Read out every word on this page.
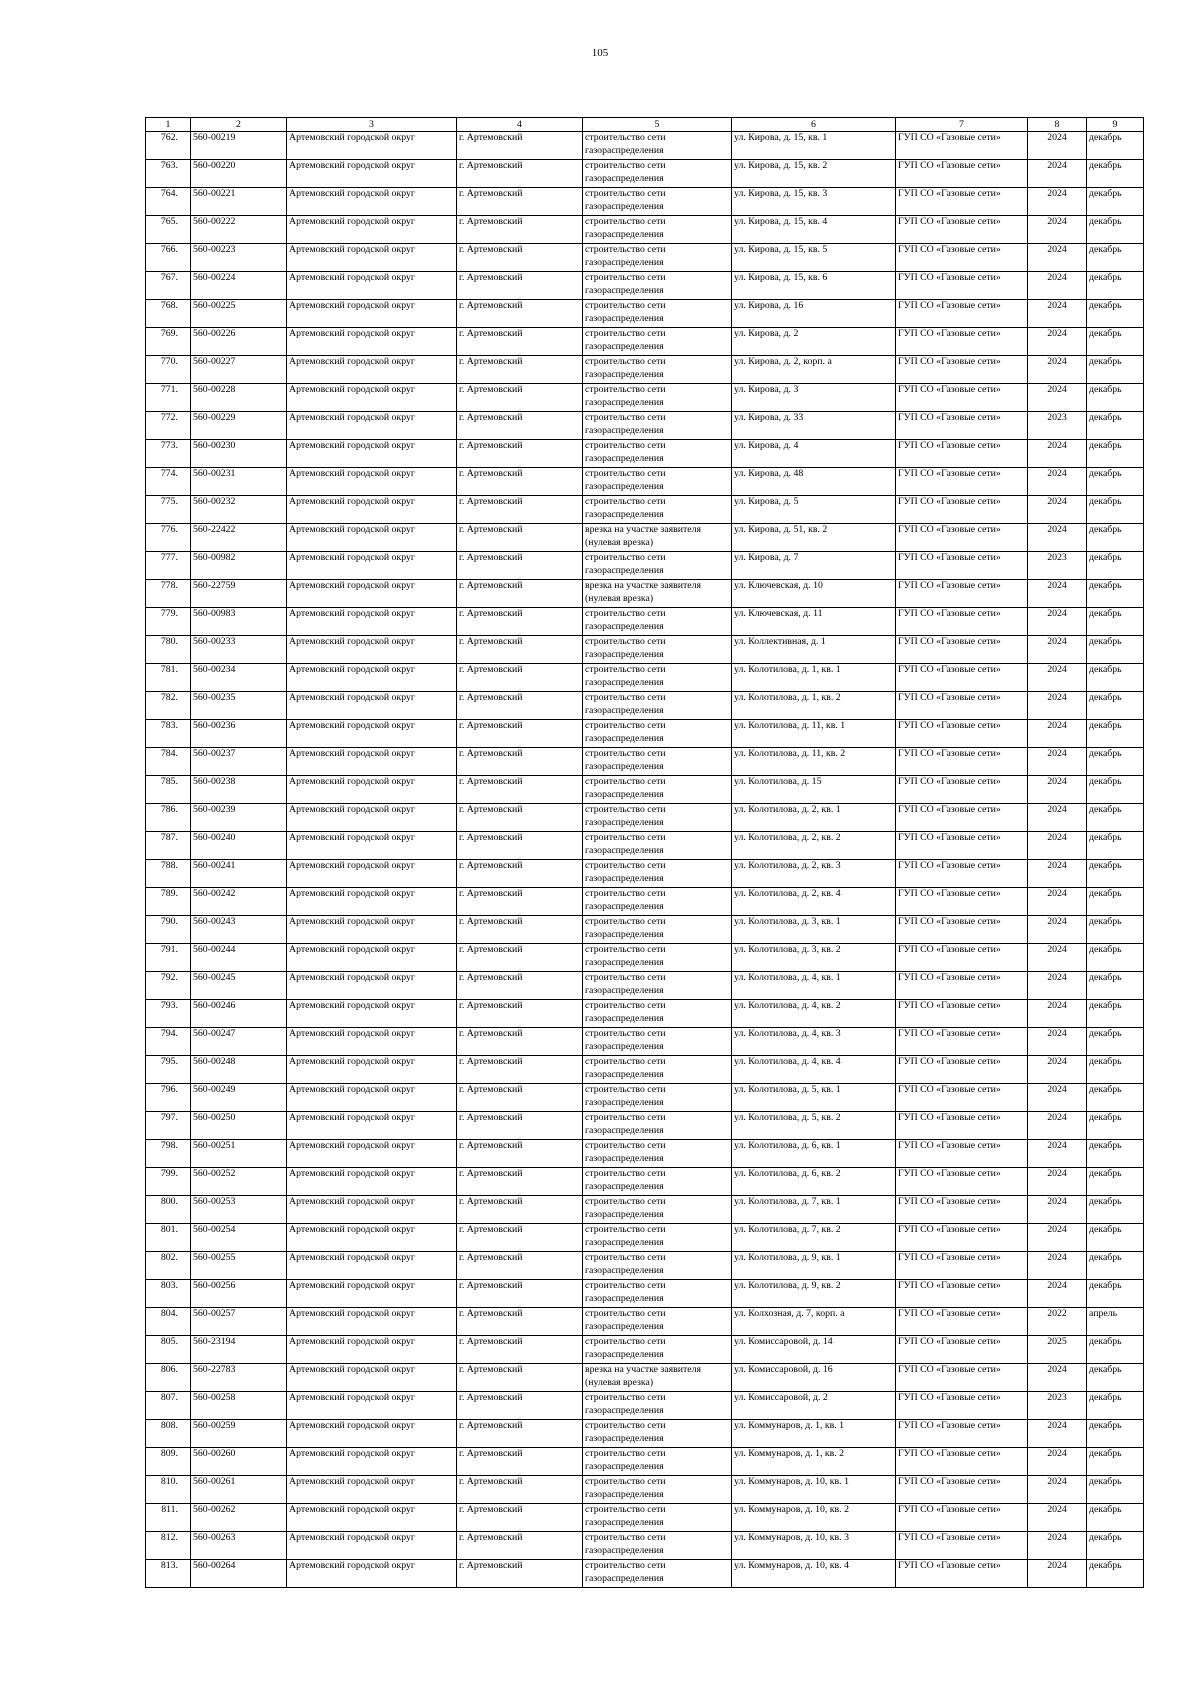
105
1	2	3	4	5	6	7	8	9
762.	560-00219	Артемовский городской округ	г. Артемовский	строительство сети газораспределения	ул. Кирова, д. 15, кв. 1	ГУП СО «Газовые сети»	2024	декабрь
763.	560-00220	Артемовский городской округ	г. Артемовский	строительство сети газораспределения	ул. Кирова, д. 15, кв. 2	ГУП СО «Газовые сети»	2024	декабрь
764.	560-00221	Артемовский городской округ	г. Артемовский	строительство сети газораспределения	ул. Кирова, д. 15, кв. 3	ГУП СО «Газовые сети»	2024	декабрь
765.	560-00222	Артемовский городской округ	г. Артемовский	строительство сети газораспределения	ул. Кирова, д. 15, кв. 4	ГУП СО «Газовые сети»	2024	декабрь
766.	560-00223	Артемовский городской округ	г. Артемовский	строительство сети газораспределения	ул. Кирова, д. 15, кв. 5	ГУП СО «Газовые сети»	2024	декабрь
767.	560-00224	Артемовский городской округ	г. Артемовский	строительство сети газораспределения	ул. Кирова, д. 15, кв. 6	ГУП СО «Газовые сети»	2024	декабрь
768.	560-00225	Артемовский городской округ	г. Артемовский	строительство сети газораспределения	ул. Кирова, д. 16	ГУП СО «Газовые сети»	2024	декабрь
769.	560-00226	Артемовский городской округ	г. Артемовский	строительство сети газораспределения	ул. Кирова, д. 2	ГУП СО «Газовые сети»	2024	декабрь
770.	560-00227	Артемовский городской округ	г. Артемовский	строительство сети газораспределения	ул. Кирова, д. 2, корп. а	ГУП СО «Газовые сети»	2024	декабрь
771.	560-00228	Артемовский городской округ	г. Артемовский	строительство сети газораспределения	ул. Кирова, д. 3	ГУП СО «Газовые сети»	2024	декабрь
772.	560-00229	Артемовский городской округ	г. Артемовский	строительство сети газораспределения	ул. Кирова, д. 33	ГУП СО «Газовые сети»	2023	декабрь
773.	560-00230	Артемовский городской округ	г. Артемовский	строительство сети газораспределения	ул. Кирова, д. 4	ГУП СО «Газовые сети»	2024	декабрь
774.	560-00231	Артемовский городской округ	г. Артемовский	строительство сети газораспределения	ул. Кирова, д. 48	ГУП СО «Газовые сети»	2024	декабрь
775.	560-00232	Артемовский городской округ	г. Артемовский	строительство сети газораспределения	ул. Кирова, д. 5	ГУП СО «Газовые сети»	2024	декабрь
776.	560-22422	Артемовский городской округ	г. Артемовский	врезка на участке заявителя (нулевая врезка)	ул. Кирова, д. 51, кв. 2	ГУП СО «Газовые сети»	2024	декабрь
777.	560-00982	Артемовский городской округ	г. Артемовский	строительство сети газораспределения	ул. Кирова, д. 7	ГУП СО «Газовые сети»	2023	декабрь
778.	560-22759	Артемовский городской округ	г. Артемовский	врезка на участке заявителя (нулевая врезка)	ул. Ключевская, д. 10	ГУП СО «Газовые сети»	2024	декабрь
779.	560-00983	Артемовский городской округ	г. Артемовский	строительство сети газораспределения	ул. Ключевская, д. 11	ГУП СО «Газовые сети»	2024	декабрь
780.	560-00233	Артемовский городской округ	г. Артемовский	строительство сети газораспределения	ул. Коллективная, д. 1	ГУП СО «Газовые сети»	2024	декабрь
781.	560-00234	Артемовский городской округ	г. Артемовский	строительство сети газораспределения	ул. Колотилова, д. 1, кв. 1	ГУП СО «Газовые сети»	2024	декабрь
782.	560-00235	Артемовский городской округ	г. Артемовский	строительство сети газораспределения	ул. Колотилова, д. 1, кв. 2	ГУП СО «Газовые сети»	2024	декабрь
783.	560-00236	Артемовский городской округ	г. Артемовский	строительство сети газораспределения	ул. Колотилова, д. 11, кв. 1	ГУП СО «Газовые сети»	2024	декабрь
784.	560-00237	Артемовский городской округ	г. Артемовский	строительство сети газораспределения	ул. Колотилова, д. 11, кв. 2	ГУП СО «Газовые сети»	2024	декабрь
785.	560-00238	Артемовский городской округ	г. Артемовский	строительство сети газораспределения	ул. Колотилова, д. 15	ГУП СО «Газовые сети»	2024	декабрь
786.	560-00239	Артемовский городской округ	г. Артемовский	строительство сети газораспределения	ул. Колотилова, д. 2, кв. 1	ГУП СО «Газовые сети»	2024	декабрь
787.	560-00240	Артемовский городской округ	г. Артемовский	строительство сети газораспределения	ул. Колотилова, д. 2, кв. 2	ГУП СО «Газовые сети»	2024	декабрь
788.	560-00241	Артемовский городской округ	г. Артемовский	строительство сети газораспределения	ул. Колотилова, д. 2, кв. 3	ГУП СО «Газовые сети»	2024	декабрь
789.	560-00242	Артемовский городской округ	г. Артемовский	строительство сети газораспределения	ул. Колотилова, д. 2, кв. 4	ГУП СО «Газовые сети»	2024	декабрь
790.	560-00243	Артемовский городской округ	г. Артемовский	строительство сети газораспределения	ул. Колотилова, д. 3, кв. 1	ГУП СО «Газовые сети»	2024	декабрь
791.	560-00244	Артемовский городской округ	г. Артемовский	строительство сети газораспределения	ул. Колотилова, д. 3, кв. 2	ГУП СО «Газовые сети»	2024	декабрь
792.	560-00245	Артемовский городской округ	г. Артемовский	строительство сети газораспределения	ул. Колотилова, д. 4, кв. 1	ГУП СО «Газовые сети»	2024	декабрь
793.	560-00246	Артемовский городской округ	г. Артемовский	строительство сети газораспределения	ул. Колотилова, д. 4, кв. 2	ГУП СО «Газовые сети»	2024	декабрь
794.	560-00247	Артемовский городской округ	г. Артемовский	строительство сети газораспределения	ул. Колотилова, д. 4, кв. 3	ГУП СО «Газовые сети»	2024	декабрь
795.	560-00248	Артемовский городской округ	г. Артемовский	строительство сети газораспределения	ул. Колотилова, д. 4, кв. 4	ГУП СО «Газовые сети»	2024	декабрь
796.	560-00249	Артемовский городской округ	г. Артемовский	строительство сети газораспределения	ул. Колотилова, д. 5, кв. 1	ГУП СО «Газовые сети»	2024	декабрь
797.	560-00250	Артемовский городской округ	г. Артемовский	строительство сети газораспределения	ул. Колотилова, д. 5, кв. 2	ГУП СО «Газовые сети»	2024	декабрь
798.	560-00251	Артемовский городской округ	г. Артемовский	строительство сети газораспределения	ул. Колотилова, д. 6, кв. 1	ГУП СО «Газовые сети»	2024	декабрь
799.	560-00252	Артемовский городской округ	г. Артемовский	строительство сети газораспределения	ул. Колотилова, д. 6, кв. 2	ГУП СО «Газовые сети»	2024	декабрь
800.	560-00253	Артемовский городской округ	г. Артемовский	строительство сети газораспределения	ул. Колотилова, д. 7, кв. 1	ГУП СО «Газовые сети»	2024	декабрь
801.	560-00254	Артемовский городской округ	г. Артемовский	строительство сети газораспределения	ул. Колотилова, д. 7, кв. 2	ГУП СО «Газовые сети»	2024	декабрь
802.	560-00255	Артемовский городской округ	г. Артемовский	строительство сети газораспределения	ул. Колотилова, д. 9, кв. 1	ГУП СО «Газовые сети»	2024	декабрь
803.	560-00256	Артемовский городской округ	г. Артемовский	строительство сети газораспределения	ул. Колотилова, д. 9, кв. 2	ГУП СО «Газовые сети»	2024	декабрь
804.	560-00257	Артемовский городской округ	г. Артемовский	строительство сети газораспределения	ул. Колхозная, д. 7, корп. а	ГУП СО «Газовые сети»	2022	апрель
805.	560-23194	Артемовский городской округ	г. Артемовский	строительство сети газораспределения	ул. Комиссаровой, д. 14	ГУП СО «Газовые сети»	2025	декабрь
806.	560-22783	Артемовский городской округ	г. Артемовский	врезка на участке заявителя (нулевая врезка)	ул. Комиссаровой, д. 16	ГУП СО «Газовые сети»	2024	декабрь
807.	560-00258	Артемовский городской округ	г. Артемовский	строительство сети газораспределения	ул. Комиссаровой, д. 2	ГУП СО «Газовые сети»	2023	декабрь
808.	560-00259	Артемовский городской округ	г. Артемовский	строительство сети газораспределения	ул. Коммунаров, д. 1, кв. 1	ГУП СО «Газовые сети»	2024	декабрь
809.	560-00260	Артемовский городской округ	г. Артемовский	строительство сети газораспределения	ул. Коммунаров, д. 1, кв. 2	ГУП СО «Газовые сети»	2024	декабрь
810.	560-00261	Артемовский городской округ	г. Артемовский	строительство сети газораспределения	ул. Коммунаров, д. 10, кв. 1	ГУП СО «Газовые сети»	2024	декабрь
811.	560-00262	Артемовский городской округ	г. Артемовский	строительство сети газораспределения	ул. Коммунаров, д. 10, кв. 2	ГУП СО «Газовые сети»	2024	декабрь
812.	560-00263	Артемовский городской округ	г. Артемовский	строительство сети газораспределения	ул. Коммунаров, д. 10, кв. 3	ГУП СО «Газовые сети»	2024	декабрь
813.	560-00264	Артемовский городской округ	г. Артемовский	строительство сети газораспределения	ул. Коммунаров, д. 10, кв. 4	ГУП СО «Газовые сети»	2024	декабрь
